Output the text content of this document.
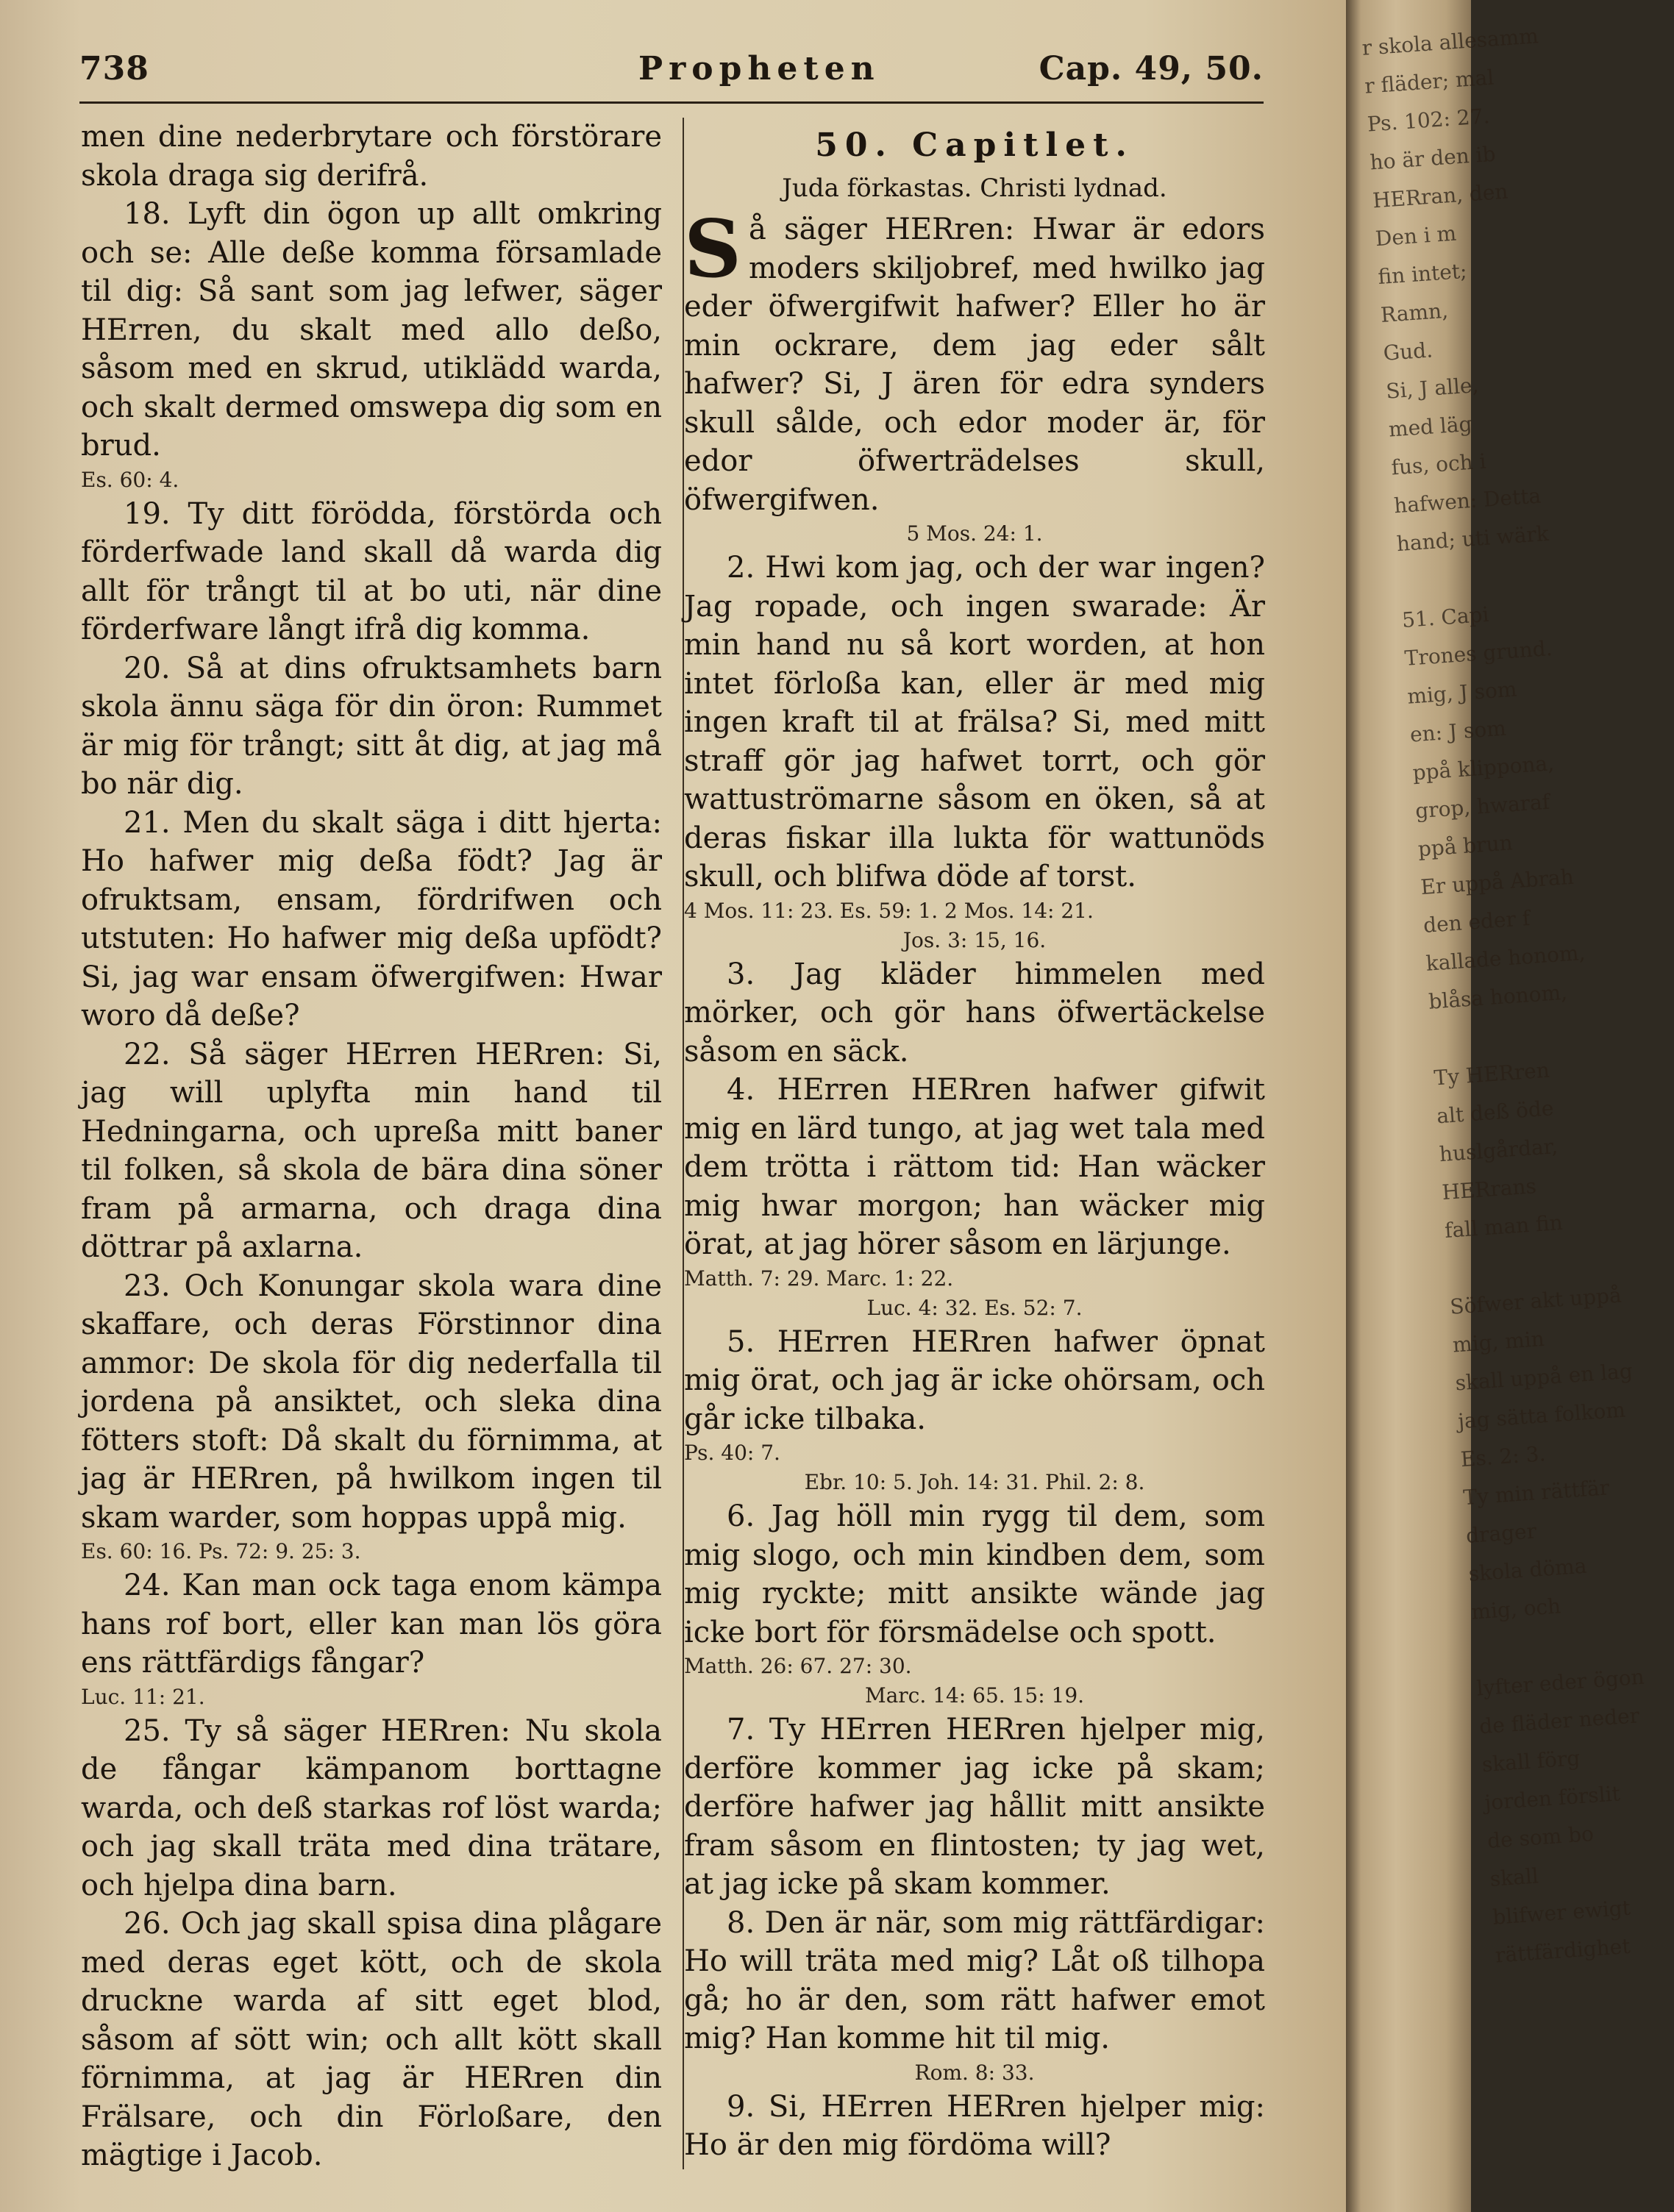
738	Propheten	Cap. 49, 50.

men dine nederbrytare och förstörare skola draga sig derifrå.

18. Lyft din ögon up allt omkring och se: Alle deße komma församlade til dig: Så sant som jag lefwer, säger HErren, du skalt med allo deßo, såsom med en skrud, utiklädd warda, och skalt dermed omswepa dig som en brud.

Es. 60: 4.

19. Ty ditt förödda, förstörda och förderfwade land skall då warda dig allt för trångt til at bo uti, när dine förderfware långt ifrå dig komma.

20. Så at dins ofruktsamhets barn skola ännu säga för din öron: Rummet är mig för trångt; sitt åt dig, at jag må bo när dig.

21. Men du skalt säga i ditt hjerta: Ho hafwer mig deßa födt? Jag är ofruktsam, ensam, fördrifwen och utstuten: Ho hafwer mig deßa upfödt? Si, jag war ensam öfwergifwen: Hwar woro då deße?

22. Så säger HErren HERren: Si, jag will uplyfta min hand til Hedningarna, och upreßa mitt baner til folken, så skola de bära dina söner fram på armarna, och draga dina döttrar på axlarna.

23. Och Konungar skola wara dine skaffare, och deras Förstinnor dina ammor: De skola för dig nederfalla til jordena på ansiktet, och sleka dina fötters stoft: Då skalt du förnimma, at jag är HERren, på hwilkom ingen til skam warder, som hoppas uppå mig.

Es. 60: 16. Ps. 72: 9. 25: 3.

24. Kan man ock taga enom kämpa hans rof bort, eller kan man lös göra ens rättfärdigs fångar?

Luc. 11: 21.

25. Ty så säger HERren: Nu skola de fångar kämpanom borttagne warda, och deß starkas rof löst warda; och jag skall träta med dina trätare, och hjelpa dina barn.

26. Och jag skall spisa dina plågare med deras eget kött, och de skola druckne warda af sitt eget blod, såsom af sött win; och allt kött skall förnimma, at jag är HERren din Frälsare, och din Förloßare, den mägtige i Jacob.

50. Capitlet.
Juda förkastas. Christi lydnad.

Så säger HERren: Hwar är edors moders skiljobref, med hwilko jag eder öfwergifwit hafwer? Eller ho är min ockrare, dem jag eder sålt hafwer? Si, J ären för edra synders skull sålde, och edor moder är, för edor öfwerträdelses skull, öfwergifwen.

5 Mos. 24: 1.

2. Hwi kom jag, och der war ingen? Jag ropade, och ingen swarade: Är min hand nu så kort worden, at hon intet förloßa kan, eller är med mig ingen kraft til at frälsa? Si, med mitt straff gör jag hafwet torrt, och gör wattuströmarne såsom en öken, så at deras fiskar illa lukta för wattunöds skull, och blifwa döde af torst.

4 Mos. 11: 23. Es. 59: 1. 2 Mos. 14: 21.

Jos. 3: 15, 16.

3. Jag kläder himmelen med mörker, och gör hans öfwertäckelse såsom en säck.

4. HErren HERren hafwer gifwit mig en lärd tungo, at jag wet tala med dem trötta i rättom tid: Han wäcker mig hwar morgon; han wäcker mig örat, at jag hörer såsom en lärjunge.

Matth. 7: 29. Marc. 1: 22.

Luc. 4: 32. Es. 52: 7.

5. HErren HERren hafwer öpnat mig örat, och jag är icke ohörsam, och går icke tilbaka.

Ps. 40: 7.

Ebr. 10: 5. Joh. 14: 31. Phil. 2: 8.

6. Jag höll min rygg til dem, som mig slogo, och min kindben dem, som mig ryckte; mitt ansikte wände jag icke bort för försmädelse och spott.

Matth. 26: 67. 27: 30.

Marc. 14: 65. 15: 19.

7. Ty HErren HERren hjelper mig, derföre kommer jag icke på skam; derföre hafwer jag hållit mitt ansikte fram såsom en flintosten; ty jag wet, at jag icke på skam kommer.

8. Den är när, som mig rättfärdigar: Ho will träta med mig? Låt oß tilhopa gå; ho är den, som rätt hafwer emot mig? Han komme hit til mig.

Rom. 8: 33.

9. Si, HErren HERren hjelper mig: Ho är den mig fördöma will?

r skola allesamm
r fläder; mal
Ps. 102: 27.
ho är den ib
HERran, den
Den i m
fin intet;
Ramn,
Gud.
Si, J alle,
med läg
fus, och i
hafwen: Detta
hand; uti wärk

51. Capi
Trones grund.
mig, J som
en: J som
ppå klippona,
grop, hwaraf
ppå brun
Er uppå Abrah
den eder f
kallade honom,
blåsa honom,

Ty HERren
alt deß öde
huslgårdar,
HERrans
fall man fin

Söfwer akt uppå
mig, min
skall uppå en lag
jag sätta folkom
Es. 2: 3.
Ty min rättfär
drager
skola döma
mig, och

lyfter eder ögon
de fläder neder
skall förg
jorden förslit
de som bo
skall
blifwer ewigt
rättfärdighet
